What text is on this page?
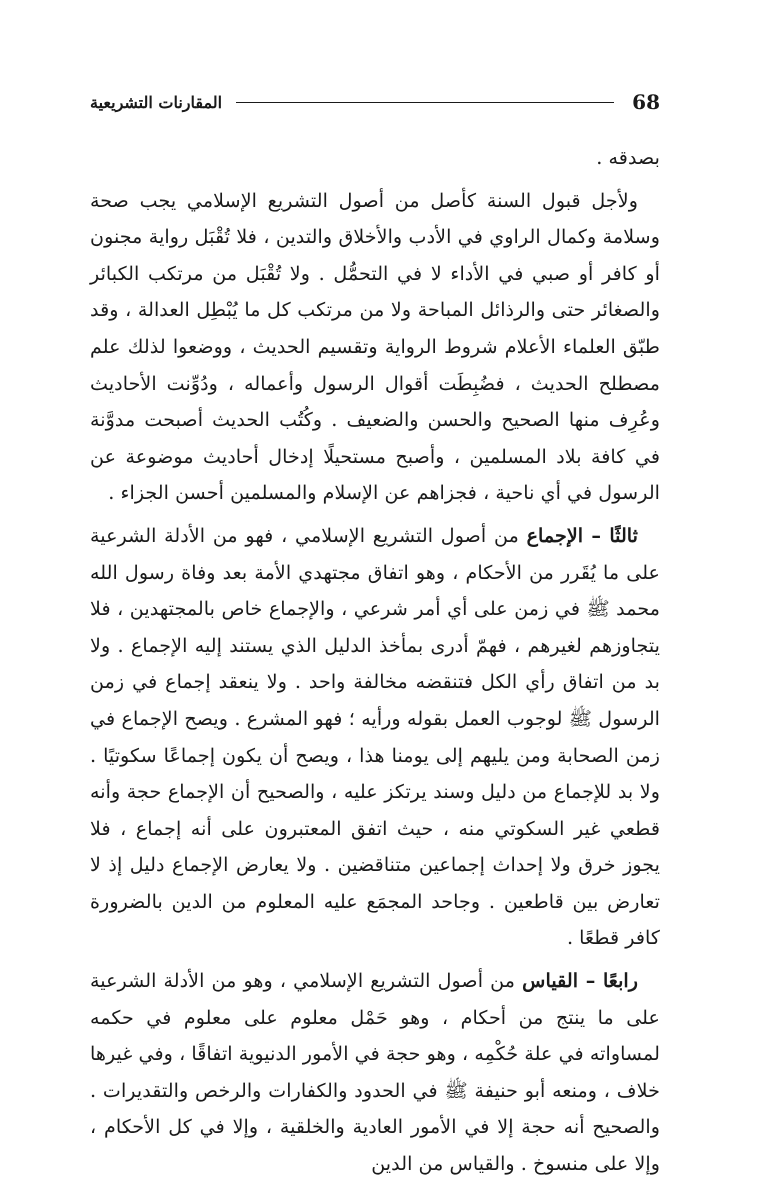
68
المقارنات التشريعية

بصدقه .

ولأجل قبول السنة كأصل من أصول التشريع الإسلامي يجب صحة وسلامة وكمال الراوي في الأدب والأخلاق والتدين ، فلا تُقْبَل رواية مجنون أو كافر أو صبي في الأداء لا في التحمُّل . ولا تُقْبَل من مرتكب الكبائر والصغائر حتى والرذائل المباحة ولا من مرتكب كل ما يُبْطِل العدالة ، وقد طبّق العلماء الأعلام شروط الرواية وتقسيم الحديث ، ووضعوا لذلك علم مصطلح الحديث ، فضُبِطَت أقوال الرسول وأعماله ، ودُوِّنت الأحاديث وعُرِف منها الصحيح والحسن والضعيف . وكُتُب الحديث أصبحت مدوَّنة في كافة بلاد المسلمين ، وأصبح مستحيلًا إدخال أحاديث موضوعة عن الرسول في أي ناحية ، فجزاهم عن الإسلام والمسلمين أحسن الجزاء .

ثالثًا – الإجماع من أصول التشريع الإسلامي ، فهو من الأدلة الشرعية على ما يُقَرر من الأحكام ، وهو اتفاق مجتهدي الأمة بعد وفاة رسول الله محمد ﷺ في زمن على أي أمر شرعي ، والإجماع خاص بالمجتهدين ، فلا يتجاوزهم لغيرهم ، فهمّ أدرى بمأخذ الدليل الذي يستند إليه الإجماع . ولا بد من اتفاق رأي الكل فتنقضه مخالفة واحد . ولا ينعقد إجماع في زمن الرسول ﷺ لوجوب العمل بقوله ورأيه ؛ فهو المشرع . ويصح الإجماع في زمن الصحابة ومن يليهم إلى يومنا هذا ، ويصح أن يكون إجماعًا سكوتيًا . ولا بد للإجماع من دليل وسند يرتكز عليه ، والصحيح أن الإجماع حجة وأنه قطعي غير السكوتي منه ، حيث اتفق المعتبرون على أنه إجماع ، فلا يجوز خرق ولا إحداث إجماعين متناقضين . ولا يعارض الإجماع دليل إذ لا تعارض بين قاطعين . وجاحد المجمَع عليه المعلوم من الدين بالضرورة كافر قطعًا .

رابعًا – القياس من أصول التشريع الإسلامي ، وهو من الأدلة الشرعية على ما ينتج من أحكام ، وهو حَمْل معلوم على معلوم في حكمه لمساواته في علة حُكْمِه ، وهو حجة في الأمور الدنيوية اتفاقًا ، وفي غيرها خلاف ، ومنعه أبو حنيفة ﷺ في الحدود والكفارات والرخص والتقديرات . والصحيح أنه حجة إلا في الأمور العادية والخلقية ، وإلا في كل الأحكام ، وإلا على منسوخ . والقياس من الدين
